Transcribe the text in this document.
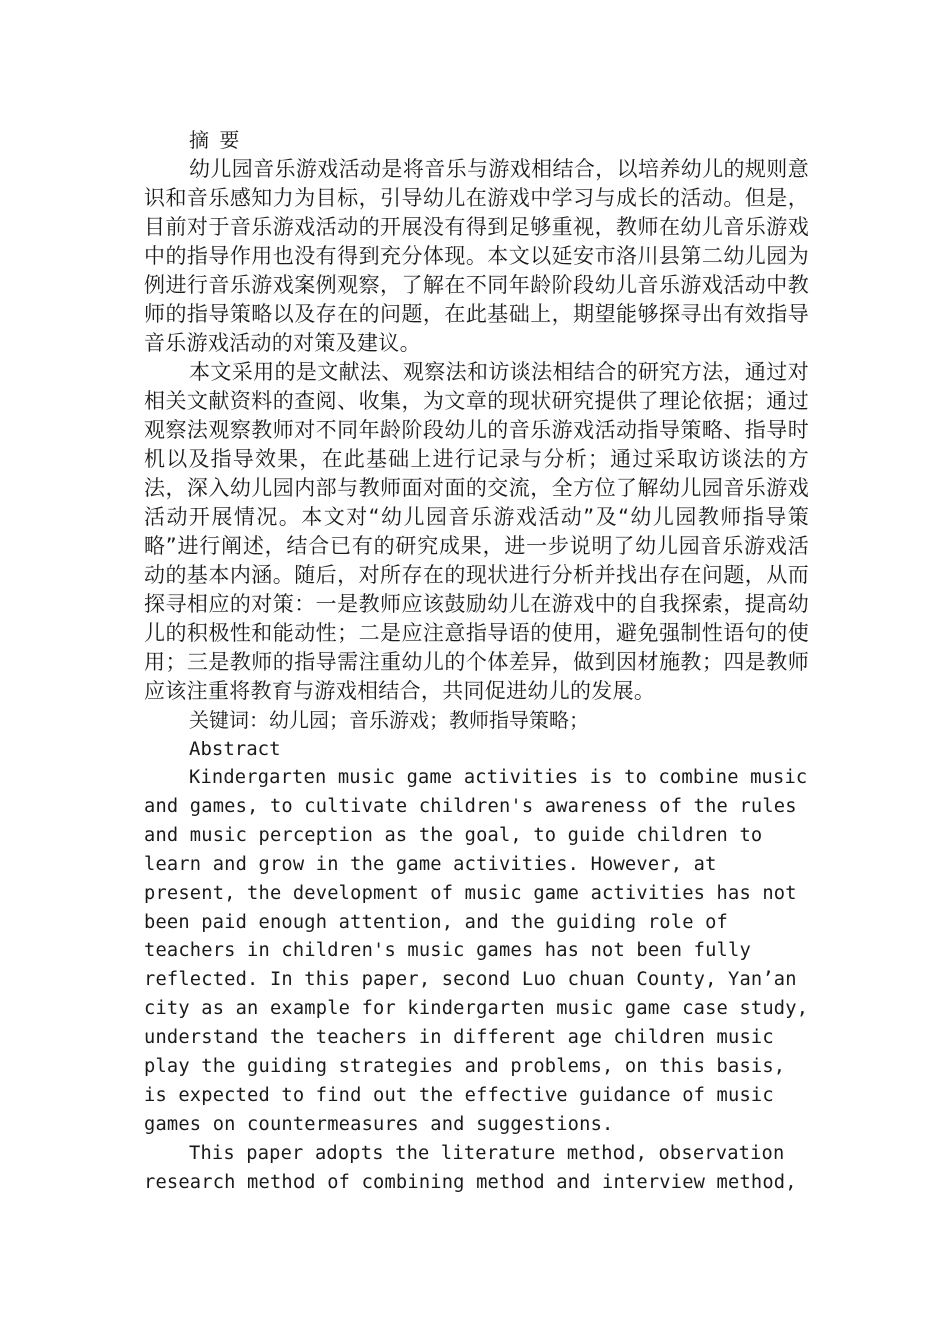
摘 要

幼儿园音乐游戏活动是将音乐与游戏相结合，以培养幼儿的规则意识和音乐感知力为目标，引导幼儿在游戏中学习与成长的活动。但是，目前对于音乐游戏活动的开展没有得到足够重视，教师在幼儿音乐游戏中的指导作用也没有得到充分体现。本文以延安市洛川县第二幼儿园为例进行音乐游戏案例观察，了解在不同年龄阶段幼儿音乐游戏活动中教师的指导策略以及存在的问题，在此基础上，期望能够探寻出有效指导音乐游戏活动的对策及建议。

本文采用的是文献法、观察法和访谈法相结合的研究方法，通过对相关文献资料的查阅、收集，为文章的现状研究提供了理论依据；通过观察法观察教师对不同年龄阶段幼儿的音乐游戏活动指导策略、指导时机以及指导效果，在此基础上进行记录与分析；通过采取访谈法的方法，深入幼儿园内部与教师面对面的交流，全方位了解幼儿园音乐游戏活动开展情况。本文对“幼儿园音乐游戏活动”及“幼儿园教师指导策略”进行阐述，结合已有的研究成果，进一步说明了幼儿园音乐游戏活动的基本内涵。随后，对所存在的现状进行分析并找出存在问题，从而探寻相应的对策：一是教师应该鼓励幼儿在游戏中的自我探索，提高幼儿的积极性和能动性；二是应注意指导语的使用，避免强制性语句的使用；三是教师的指导需注重幼儿的个体差异，做到因材施教；四是教师应该注重将教育与游戏相结合，共同促进幼儿的发展。

关键词：幼儿园；音乐游戏；教师指导策略；

Abstract

Kindergarten music game activities is to combine music and games, to cultivate children's awareness of the rules and music perception as the goal, to guide children to learn and grow in the game activities. However, at present, the development of music game activities has not been paid enough attention, and the guiding role of teachers in children's music games has not been fully reflected. In this paper, second Luo chuan County, Yan’an city as an example for kindergarten music game case study, understand the teachers in different age children music play the guiding strategies and problems, on this basis, is expected to find out the effective guidance of music games on countermeasures and suggestions.

This paper adopts the literature method, observation research method of combining method and interview method,
